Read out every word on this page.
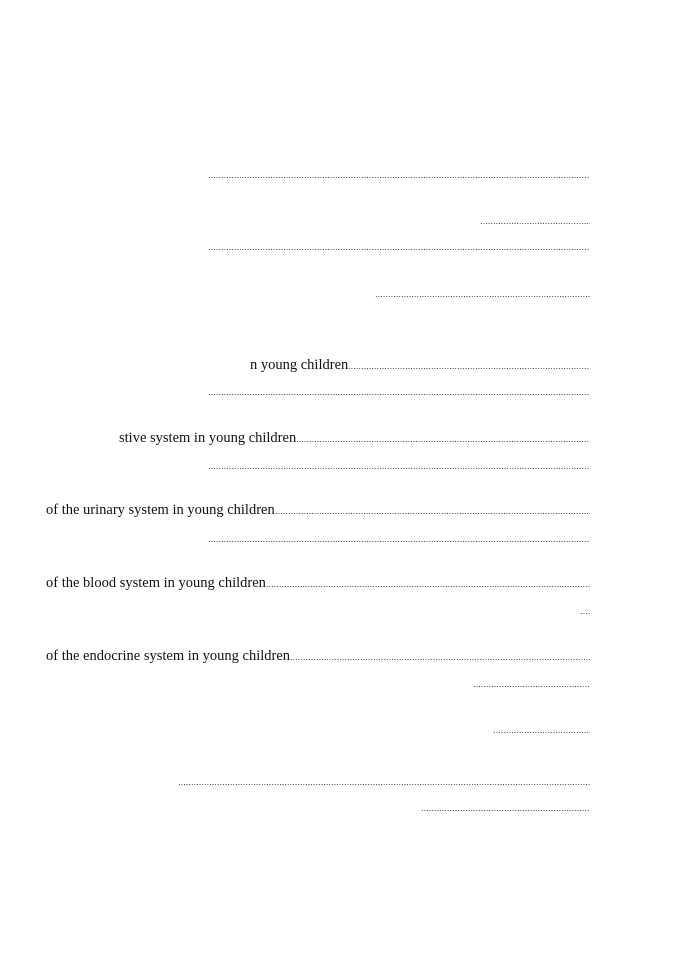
n young children
stive system in young children
of the urinary system in young children
of the blood system in young children
of the endocrine system in young children
